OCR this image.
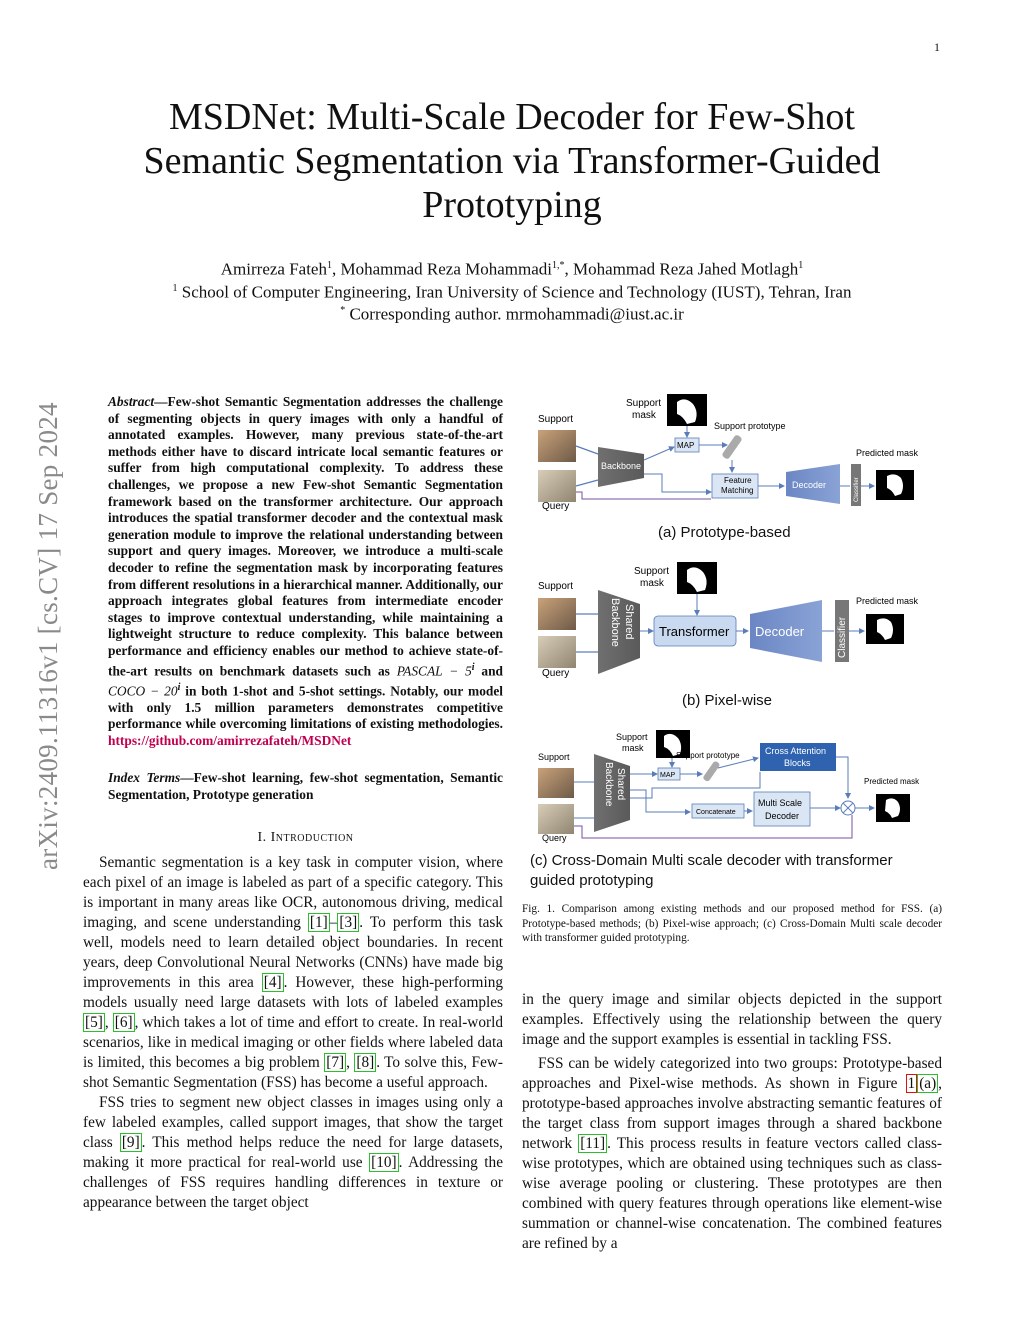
1
arXiv:2409.11316v1 [cs.CV] 17 Sep 2024
MSDNet: Multi-Scale Decoder for Few-Shot
Semantic Segmentation via Transformer-Guided
Prototyping
Amirreza Fateh$^1$, Mohammad Reza Mohammadi$^{1,*}$, Mohammad Reza Jahed Motlagh$^1$
$^1$ School of Computer Engineering, Iran University of Science and Technology (IUST), Tehran, Iran
* Corresponding author. mrmohammadi@iust.ac.ir
Abstract—Few-shot Semantic Segmentation addresses the challenge of segmenting objects in query images with only a handful of annotated examples. However, many previous state-of-the-art methods either have to discard intricate local semantic features or suffer from high computational complexity. To address these challenges, we propose a new Few-shot Semantic Segmentation framework based on the transformer architecture. Our approach introduces the spatial transformer decoder and the contextual mask generation module to improve the relational understanding between support and query images. Moreover, we introduce a multi-scale decoder to refine the segmentation mask by incorporating features from different resolutions in a hierarchical manner. Additionally, our approach integrates global features from intermediate encoder stages to improve contextual understanding, while maintaining a lightweight structure to reduce complexity. This balance between performance and efficiency enables our method to achieve state-of-the-art results on benchmark datasets such as PASCAL − $5^i$ and COCO − $20^i$ in both 1-shot and 5-shot settings. Notably, our model with only 1.5 million parameters demonstrates competitive performance while overcoming limitations of existing methodologies. https://github.com/amirrezafateh/MSDNet
Index Terms—Few-shot learning, few-shot segmentation, Semantic Segmentation, Prototype generation
I. Introduction

Semantic segmentation is a key task in computer vision, where each pixel of an image is labeled as part of a specific category. This is important in many areas like OCR, autonomous driving, medical imaging, and scene understanding [1] – [3] . To perform this task well, models need to learn detailed object boundaries. In recent years, deep Convolutional Neural Networks (CNNs) have made big improvements in this area [4] . However, these high-performing models usually need large datasets with lots of labeled examples [5] , [6] , which takes a lot of time and effort to create. In real-world scenarios, like in medical imaging or other fields where labeled data is limited, this becomes a big problem [7] , [8] . To solve this, Few-shot Semantic Segmentation (FSS) has become a useful approach.

FSS tries to segment new object classes in images using only a few labeled examples, called support images, that show the target class [9] . This method helps reduce the need for large datasets, making it more practical for real-world use [10] . Addressing the challenges of FSS requires handling differences in texture or appearance between the target object

in the query image and similar objects depicted in the support examples. Effectively using the relationship between the query image and the support examples is essential in tackling FSS.

FSS can be widely categorized into two groups: Prototype-based approaches and Pixel-wise methods. As shown in Figure 1 (a) , prototype-based approaches involve abstracting semantic features of the target class from support images through a shared backbone network [11] . This process results in feature vectors called class-wise prototypes, which are obtained using techniques such as class-wise average pooling or clustering. These prototypes are then combined with query features through operations like element-wise summation or channel-wise concatenation. The combined features are refined by a

Support
Query
Support
mask
Backbone
MAP
Support prototype
Feature
Matching
Decoder	Classifier
Predicted mask
(a) Prototype-based
Support
Query
Support
mask
Shared
Backbone	Transformer Decoder	Classifier
Predicted mask
(b) Pixel-wise
Support
Query
Support
mask
Shared
Backbone	MAP
Support prototype	Cross Attention
Blocks
Concatenate
Multi Scale
Decoder
Predicted mask
(c) Cross-Domain Multi scale decoder with transformer
guided prototyping
Fig. 1. Comparison among existing methods and our proposed method for FSS. (a) Prototype-based methods; (b) Pixel-wise approach; (c) Cross-Domain Multi scale decoder with transformer guided prototyping.
